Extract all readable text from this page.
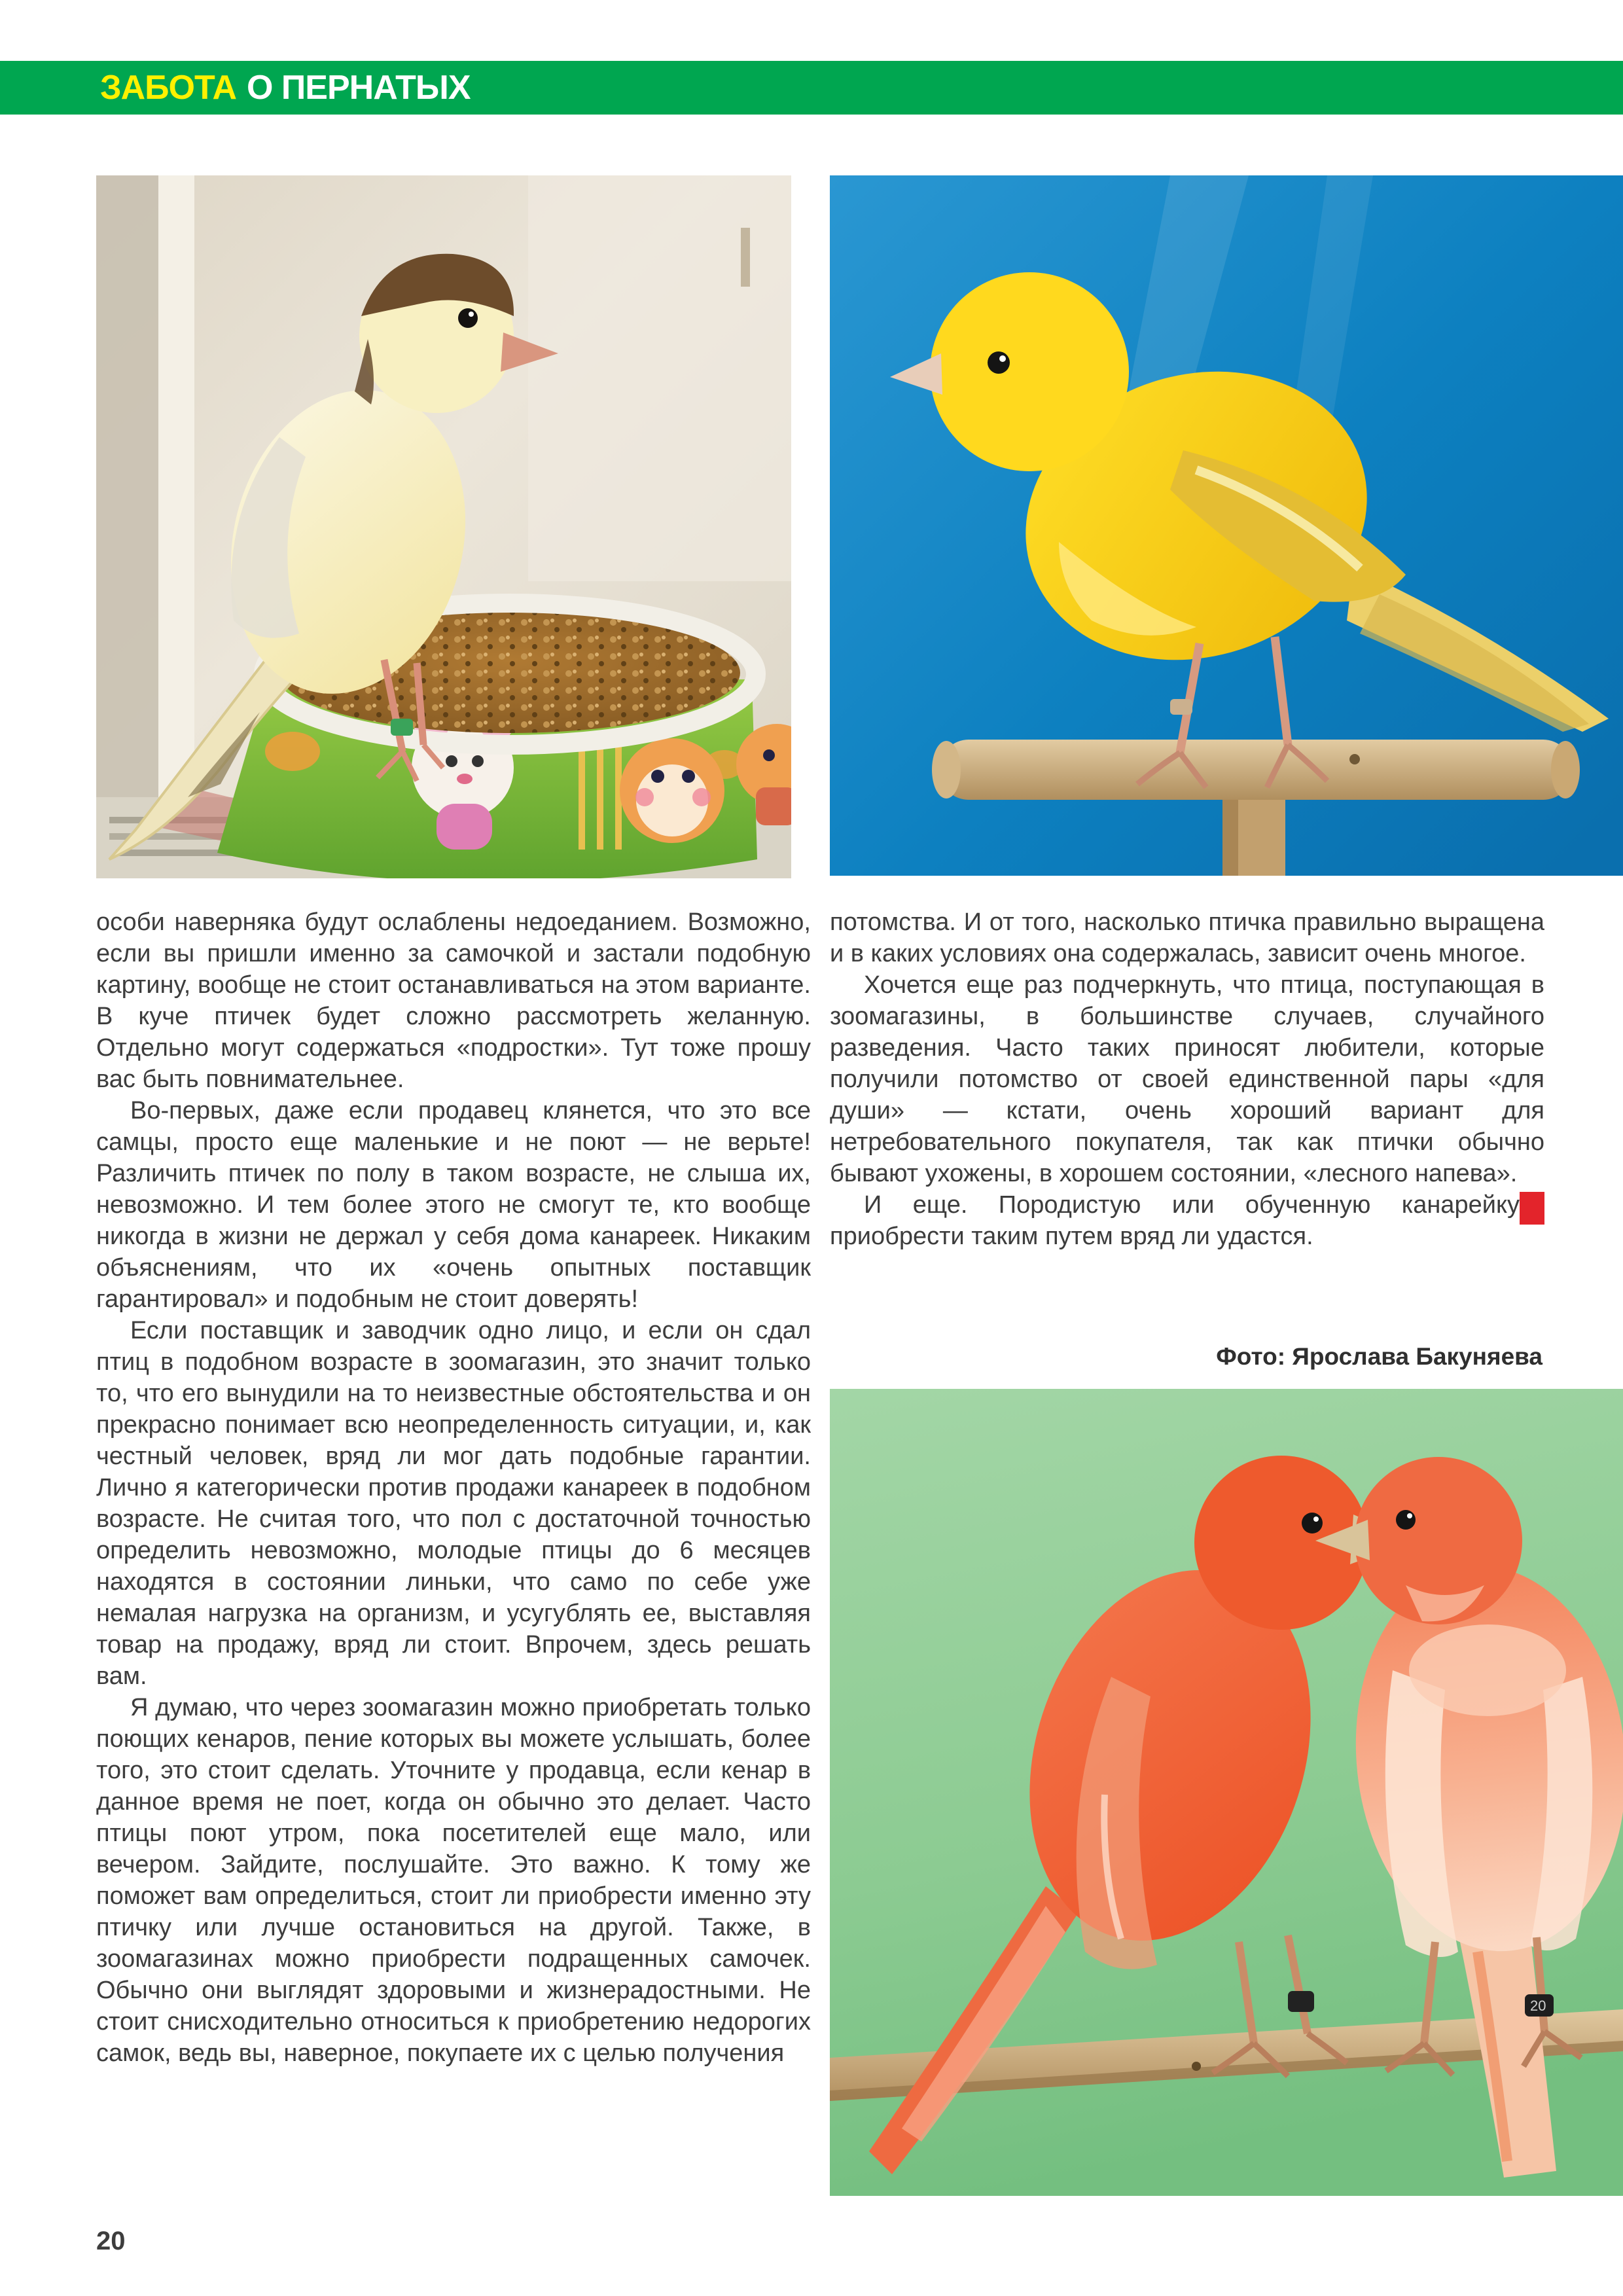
ЗАБОТА О ПЕРНАТЫХ

особи наверняка будут ослаблены недоеданием. Возможно, если вы пришли именно за самочкой и застали подобную картину, вообще не стоит останавливаться на этом варианте. В куче птичек будет сложно рассмотреть желанную. Отдельно могут содержаться «подростки». Тут тоже прошу вас быть повнимательнее.

Во-первых, даже если продавец клянется, что это все самцы, просто еще маленькие и не поют — не верьте! Различить птичек по полу в таком возрасте, не слыша их, невозможно. И тем более этого не смогут те, кто вообще никогда в жизни не держал у себя дома канареек. Никаким объяснениям, что их «очень опытных поставщик гарантировал» и подобным не стоит доверять!

Если поставщик и заводчик одно лицо, и если он сдал птиц в подобном возрасте в зоомагазин, это значит только то, что его вынудили на то неизвестные обстоятельства и он прекрасно понимает всю неопределенность ситуации, и, как честный человек, вряд ли мог дать подобные гарантии. Лично я категорически против продажи канареек в подобном возрасте. Не считая того, что пол с достаточной точностью определить невозможно, молодые птицы до 6 месяцев находятся в состоянии линьки, что само по себе уже немалая нагрузка на организм, и усугублять ее, выставляя товар на продажу, вряд ли стоит. Впрочем, здесь решать вам.

Я думаю, что через зоомагазин можно приобретать только поющих кенаров, пение которых вы можете услышать, более того, это стоит сделать. Уточните у продавца, если кенар в данное время не поет, когда он обычно это делает. Часто птицы поют утром, пока посетителей еще мало, или вечером. Зайдите, послушайте. Это важно. К тому же поможет вам определиться, стоит ли приобрести именно эту птичку или лучше остановиться на другой. Также, в зоомагазинах можно приобрести подращенных самочек. Обычно они выглядят здоровыми и жизнерадостными. Не стоит снисходительно относиться к приобретению недорогих самок, ведь вы, наверное, покупаете их с целью получения

потомства. И от того, насколько птичка правильно выращена и в каких условиях она содержалась, зависит очень многое.

Хочется еще раз подчеркнуть, что птица, поступающая в зоомагазины, в большинстве случаев, случайного разведения. Часто таких приносят любители, которые получили потомство от своей единственной пары «для души» — кстати, очень хороший вариант для нетребовательного покупателя, так как птички обычно бывают ухожены, в хорошем состоянии, «лесного напева».

И еще. Породистую или обученную канарейку приобрести таким путем вряд ли удастся.

Фото: Ярослава Бакуняева
20
20
